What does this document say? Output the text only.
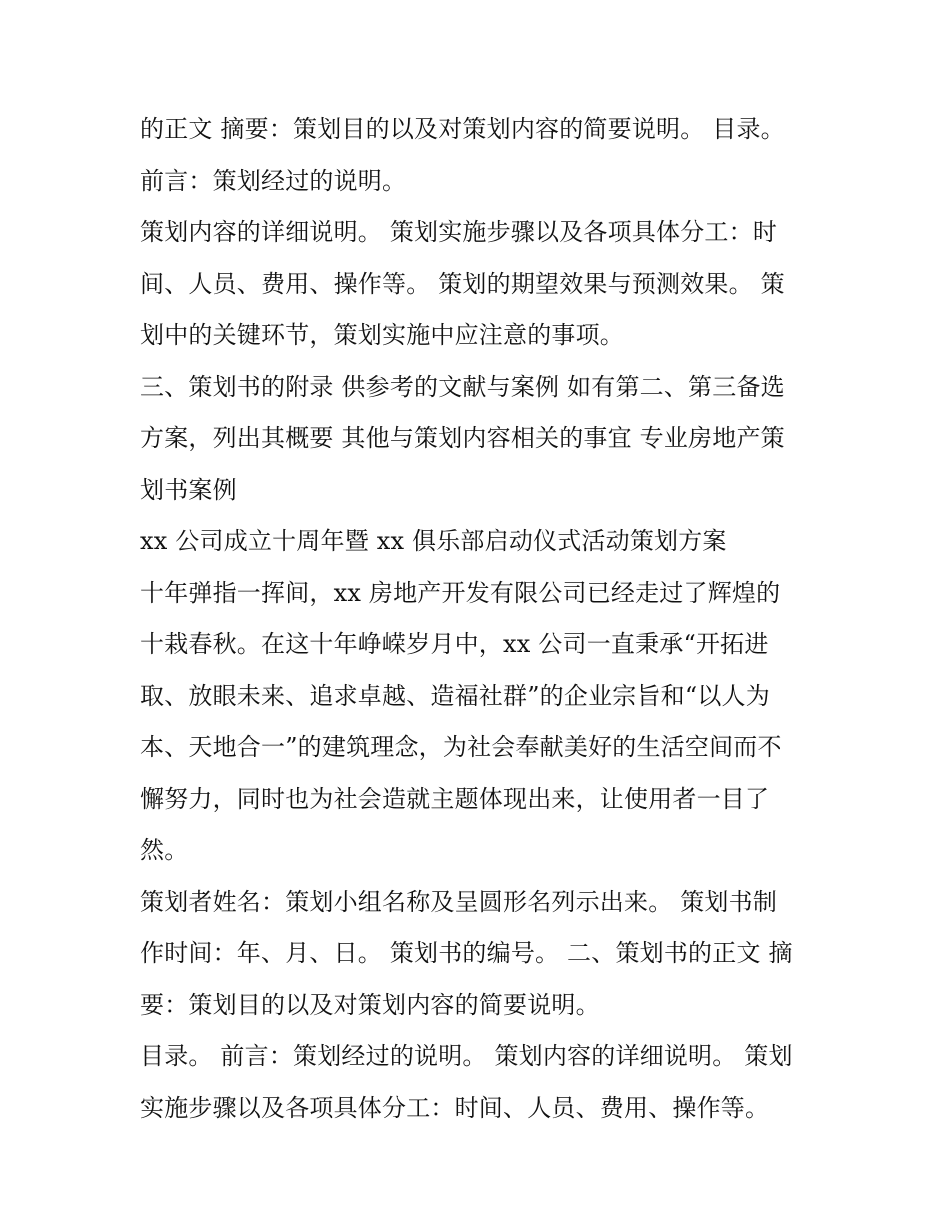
的正文 摘要：策划目的以及对策划内容的简要说明。 目录。

前言：策划经过的说明。

策划内容的详细说明。 策划实施步骤以及各项具体分工：时
间、人员、费用、操作等。 策划的期望效果与预测效果。 策
划中的关键环节，策划实施中应注意的事项。

三、策划书的附录 供参考的文献与案例 如有第二、第三备选
方案，列出其概要 其他与策划内容相关的事宜 专业房地产策
划书案例

xx 公司成立十周年暨 xx 俱乐部启动仪式活动策划方案

十年弹指一挥间，xx 房地产开发有限公司已经走过了辉煌的
十栽春秋。在这十年峥嵘岁月中，xx 公司一直秉承“开拓进
取、放眼未来、追求卓越、造福社群”的企业宗旨和“以人为
本、天地合一”的建筑理念，为社会奉献美好的生活空间而不
懈努力，同时也为社会造就主题体现出来，让使用者一目了
然。

策划者姓名：策划小组名称及呈圆形名列示出来。 策划书制
作时间：年、月、日。 策划书的编号。 二、策划书的正文 摘
要：策划目的以及对策划内容的简要说明。

目录。 前言：策划经过的说明。 策划内容的详细说明。 策划
实施步骤以及各项具体分工：时间、人员、费用、操作等。
